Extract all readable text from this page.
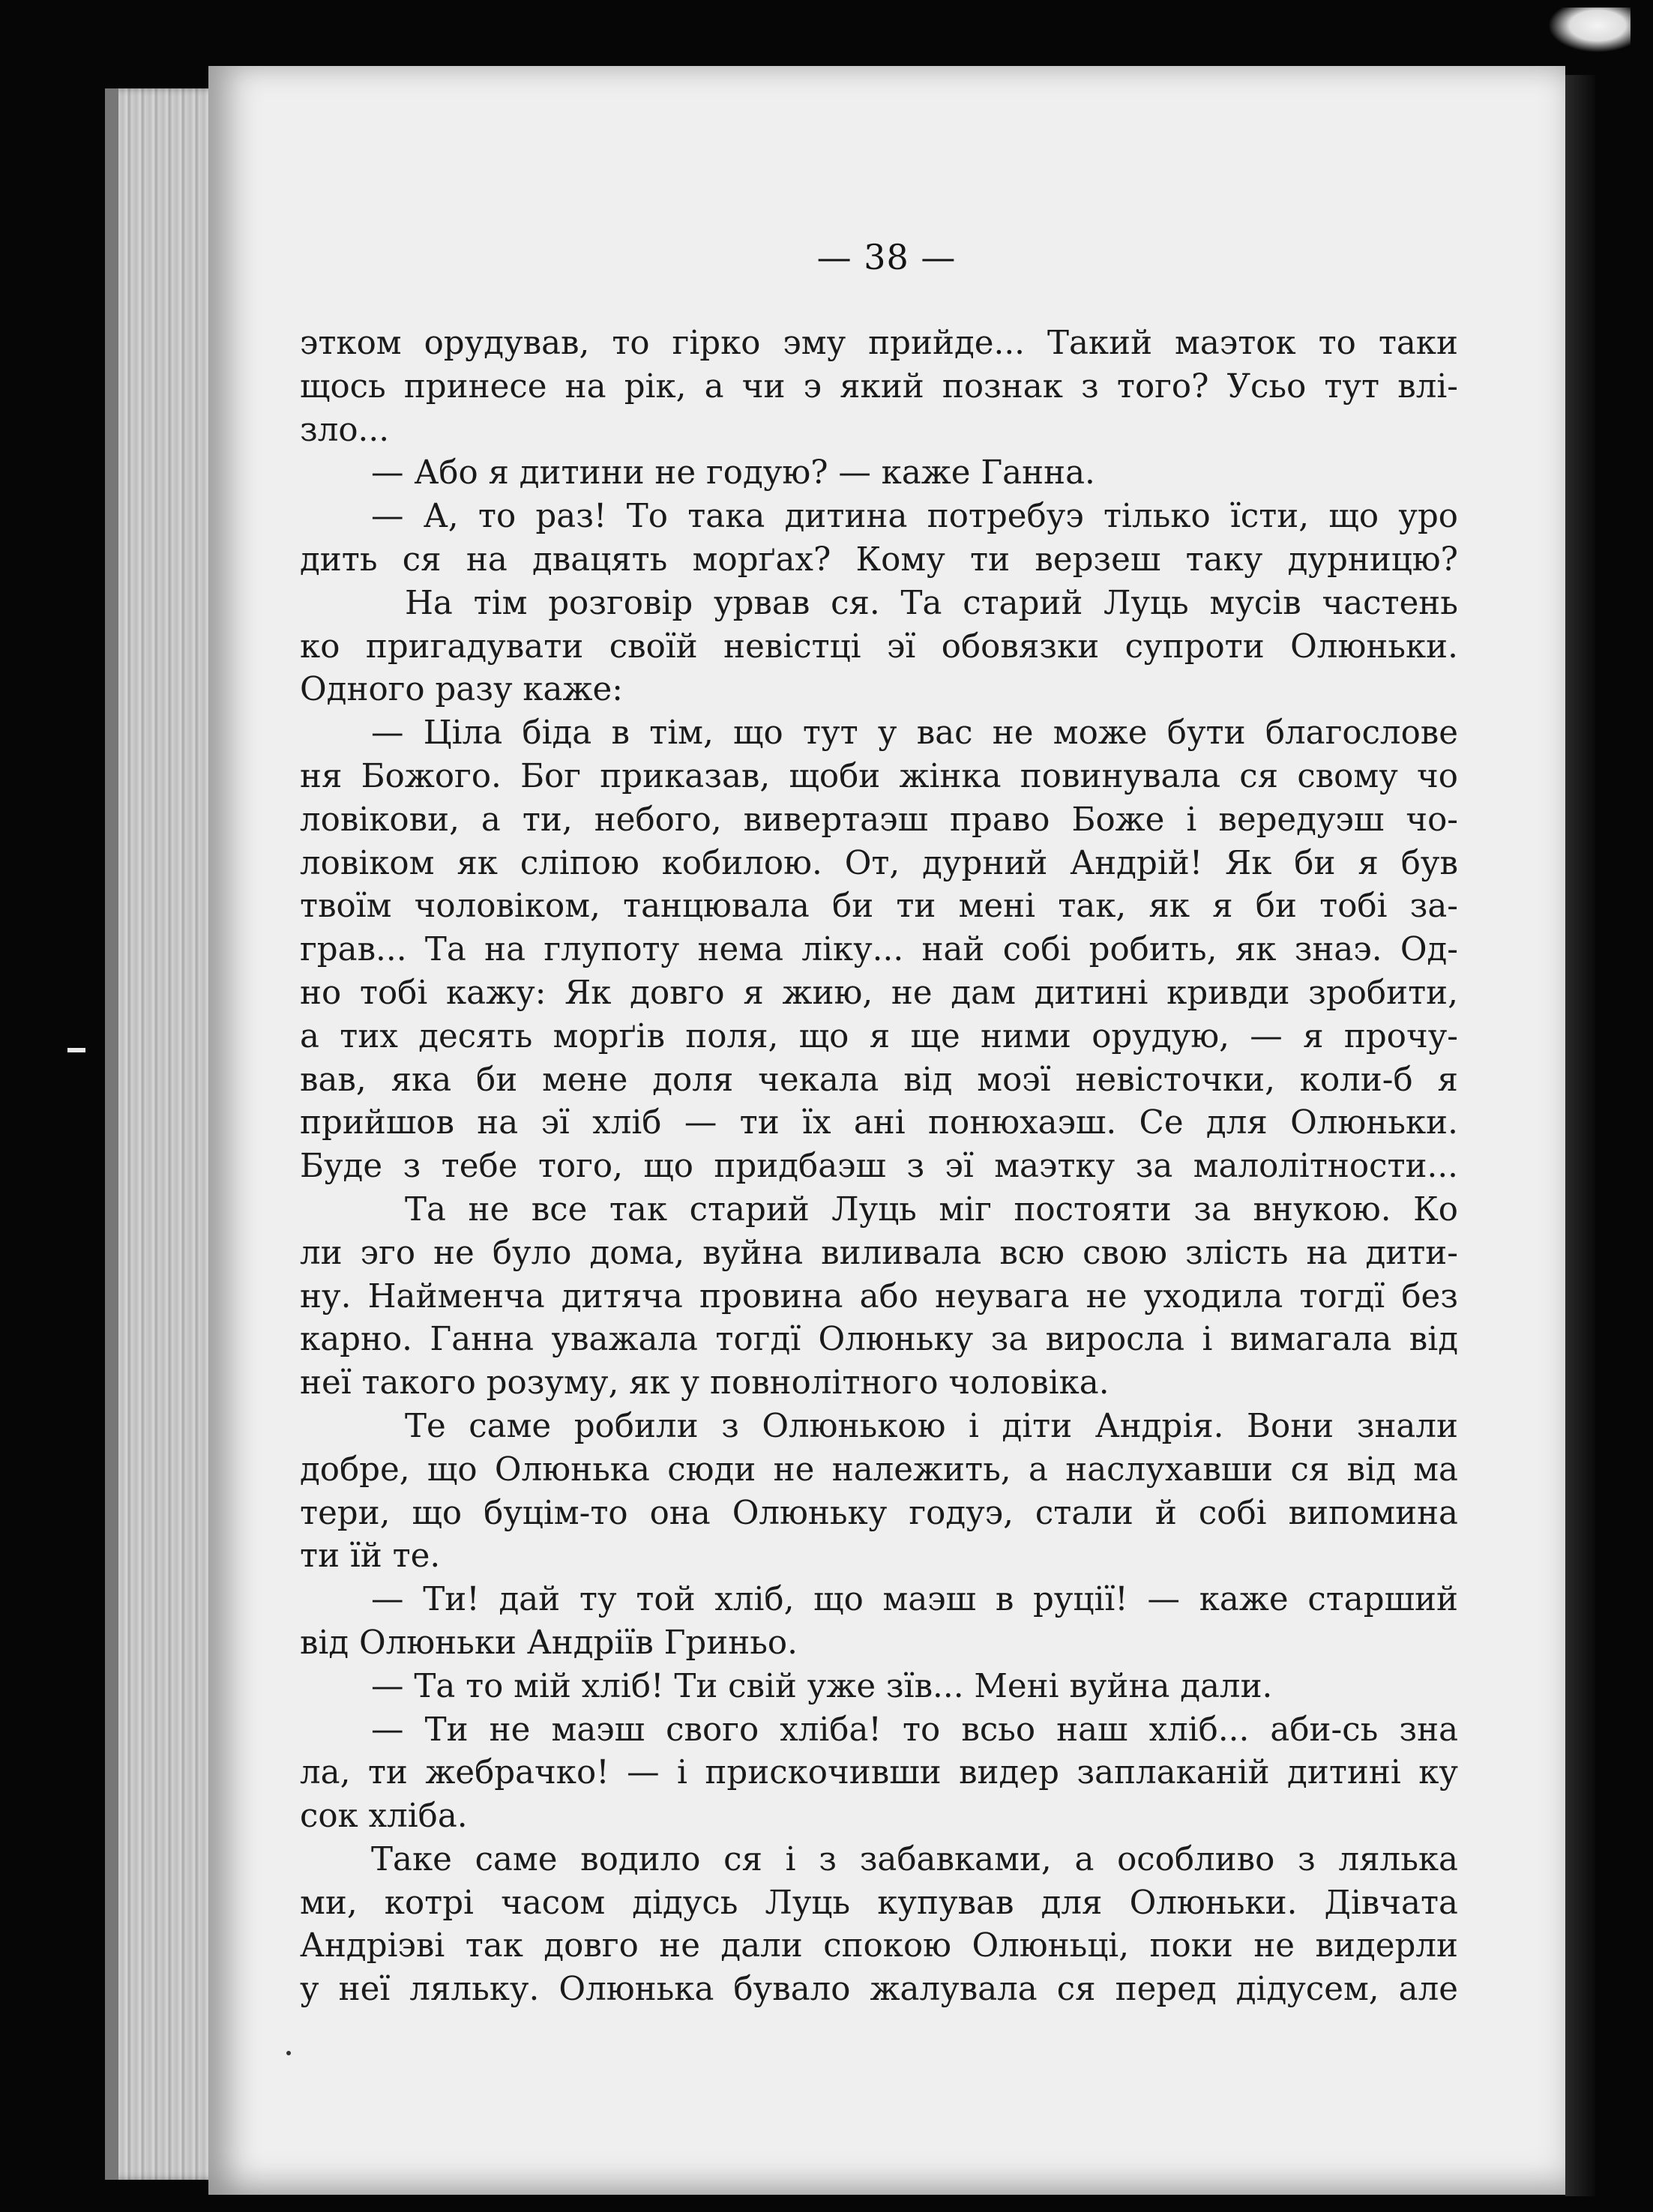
— 38 —
этком орудував, то гірко эму прийде... Такий маэток то таки
щось принесе на рік, а чи э який познак з того? Усьо тут влі-
зло...
— Або я дитини не годую? — каже Ганна.
— А, то раз! То така дитина потребуэ тілько їсти, що уро
дить ся на двацять морґах? Кому ти верзеш таку дурницю?
На тім розговір урвав ся. Та старий Луць мусів частень
ко пригадувати своїй невістці эї обовязки супроти Олюньки.
Одного разу каже:
— Ціла біда в тім, що тут у вас не може бути благослове
ня Божого. Бог приказав, щоби жінка повинувала ся свому чо
ловікови, а ти, небого, вивертаэш право Боже і вередуэш чо-
ловіком як сліпою кобилою. От, дурний Андрій! Як би я був
твоїм чоловіком, танцювала би ти мені так, як я би тобі за-
грав... Та на глупоту нема ліку... най собі робить, як знаэ. Од-
но тобі кажу: Як довго я жию, не дам дитині кривди зробити,
а тих десять морґів поля, що я ще ними орудую, — я прочу-
вав, яка би мене доля чекала від моэї невісточки, коли-б я
прийшов на эї хліб — ти їх ані понюхаэш. Се для Олюньки.
Буде з тебе того, що придбаэш з эї маэтку за малолітности...
Та не все так старий Луць міг постояти за внукою. Ко
ли эго не було дома, вуйна виливала всю свою злість на дити-
ну. Найменча дитяча провина або неувага не уходила тогдї без
карно. Ганна уважала тогдї Олюньку за виросла і вимагала від
неї такого розуму, як у повнолітного чоловіка.
Те саме робили з Олюнькою і діти Андрія. Вони знали
добре, що Олюнька сюди не належить, а наслухавши ся від ма
тери, що буцім-то она Олюньку годуэ, стали й собі випомина
ти їй те.
— Ти! дай ту той хліб, що маэш в руції! — каже старший
від Олюньки Андріїв Гриньо.
— Та то мій хліб! Ти свій уже зїв... Мені вуйна дали.
— Ти не маэш свого хліба! то всьо наш хліб... аби-сь зна
ла, ти жебрачко! — і прискочивши видер заплаканій дитині ку
сок хліба.
Таке саме водило ся і з забавками, а особливо з лялька
ми, котрі часом дідусь Луць купував для Олюньки. Дівчата
Андріэві так довго не дали спокою Олюньці, поки не видерли
у неї ляльку. Олюнька бувало жалувала ся перед дідусем, але
